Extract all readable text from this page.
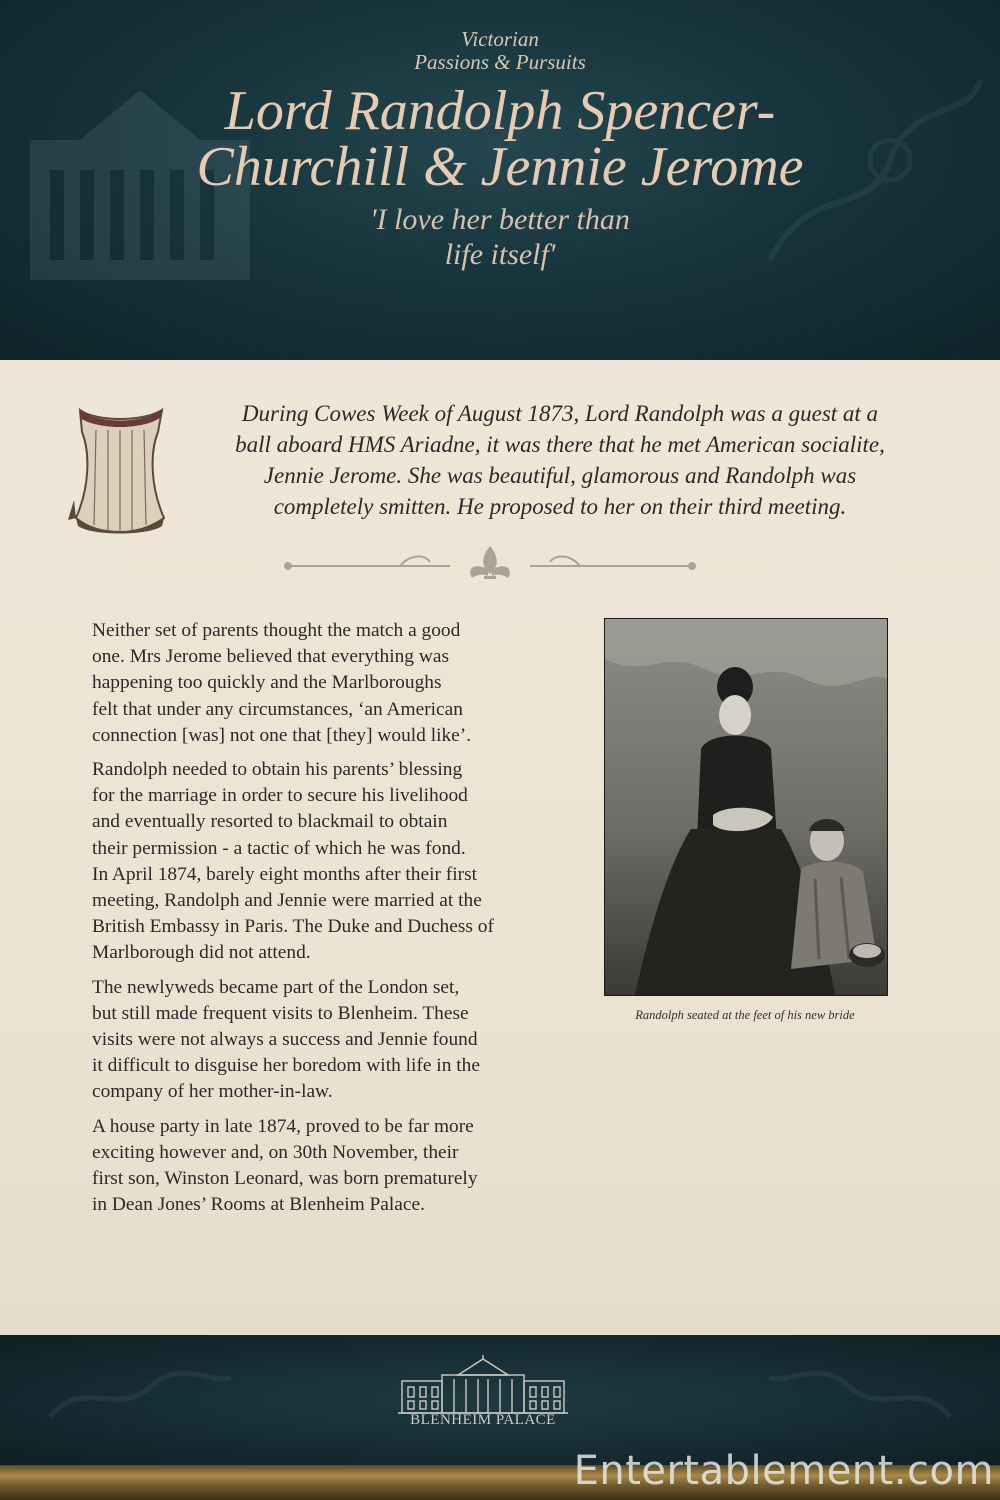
Victorian
Passions & Pursuits
Lord Randolph Spencer-
Churchill & Jennie Jerome
'I love her better than
life itself'
During Cowes Week of August 1873, Lord Randolph was a guest at a
ball aboard HMS Ariadne, it was there that he met American socialite,
Jennie Jerome. She was beautiful, glamorous and Randolph was
completely smitten. He proposed to her on their third meeting.

Neither set of parents thought the match a good
one. Mrs Jerome believed that everything was
happening too quickly and the Marlboroughs
felt that under any circumstances, ‘an American
connection [was] not one that [they] would like’.

Randolph needed to obtain his parents’ blessing
for the marriage in order to secure his livelihood
and eventually resorted to blackmail to obtain
their permission - a tactic of which he was fond.
In April 1874, barely eight months after their first
meeting, Randolph and Jennie were married at the
British Embassy in Paris. The Duke and Duchess of
Marlborough did not attend.

The newlyweds became part of the London set,
but still made frequent visits to Blenheim. These
visits were not always a success and Jennie found
it difficult to disguise her boredom with life in the
company of her mother-in-law.

A house party in late 1874, proved to be far more
exciting however and, on 30th November, their
first son, Winston Leonard, was born prematurely
in Dean Jones’ Rooms at Blenheim Palace.

Randolph seated at the feet of his new bride
BLENHEIM PALACE
Entertablement.com
